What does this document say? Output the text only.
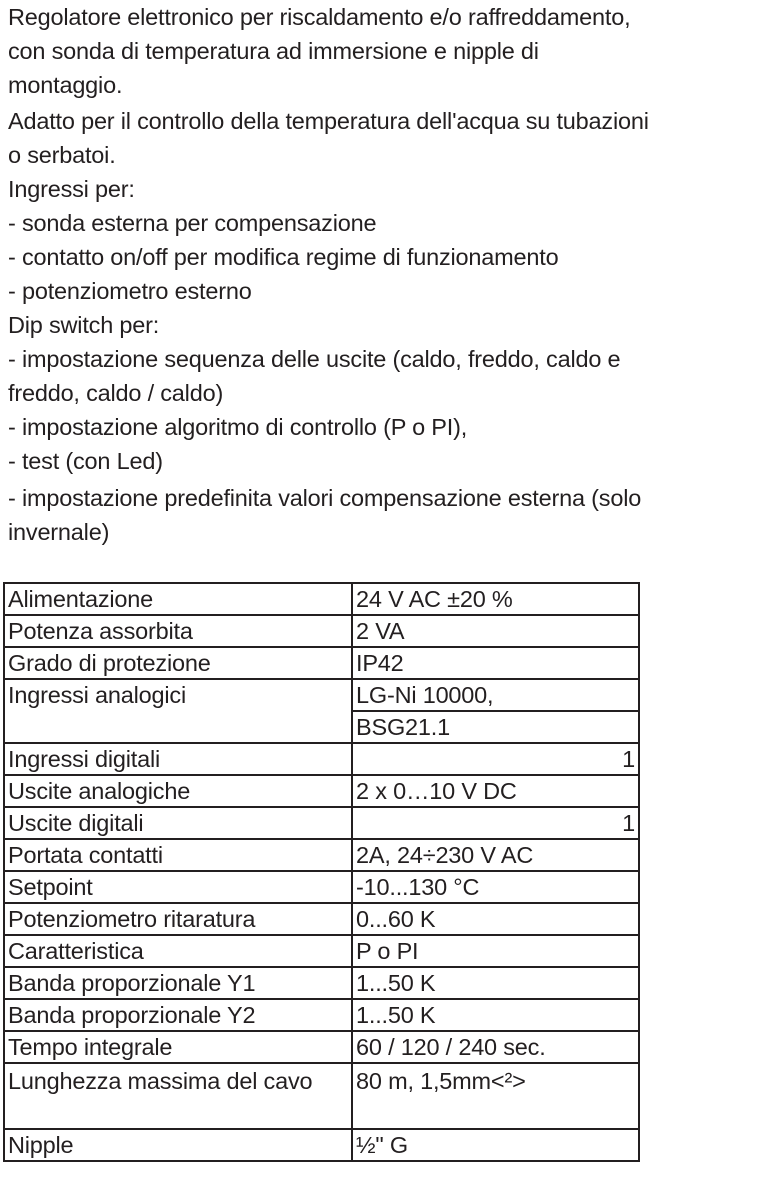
Regolatore elettronico per riscaldamento e/o raffreddamento,

con sonda di temperatura ad immersione e nipple di

montaggio.

Adatto per il controllo della temperatura dell'acqua su tubazioni

o serbatoi.

Ingressi per:

- sonda esterna per compensazione

- contatto on/off per modifica regime di funzionamento

- potenziometro esterno

Dip switch per:

- impostazione sequenza delle uscite (caldo, freddo, caldo e

freddo, caldo / caldo)

- impostazione algoritmo di controllo (P o PI),

- test (con Led)

- impostazione predefinita valori compensazione esterna (solo

invernale)

Alimentazione	24 V AC ±20 %
Potenza assorbita	2 VA
Grado di protezione	IP42
Ingressi analogici	LG-Ni 10000,
	BSG21.1
Ingressi digitali	1
Uscite analogiche	2 x 0…10 V DC
Uscite digitali	1
Portata contatti	2A, 24÷230 V AC
Setpoint	-10...130 °C
Potenziometro ritaratura	0...60 K
Caratteristica	P o PI
Banda proporzionale Y1	1...50 K
Banda proporzionale Y2	1...50 K
Tempo integrale	60 / 120 / 240 sec.
Lunghezza massima del cavo	80 m, 1,5mm<²>
Nipple	½" G
